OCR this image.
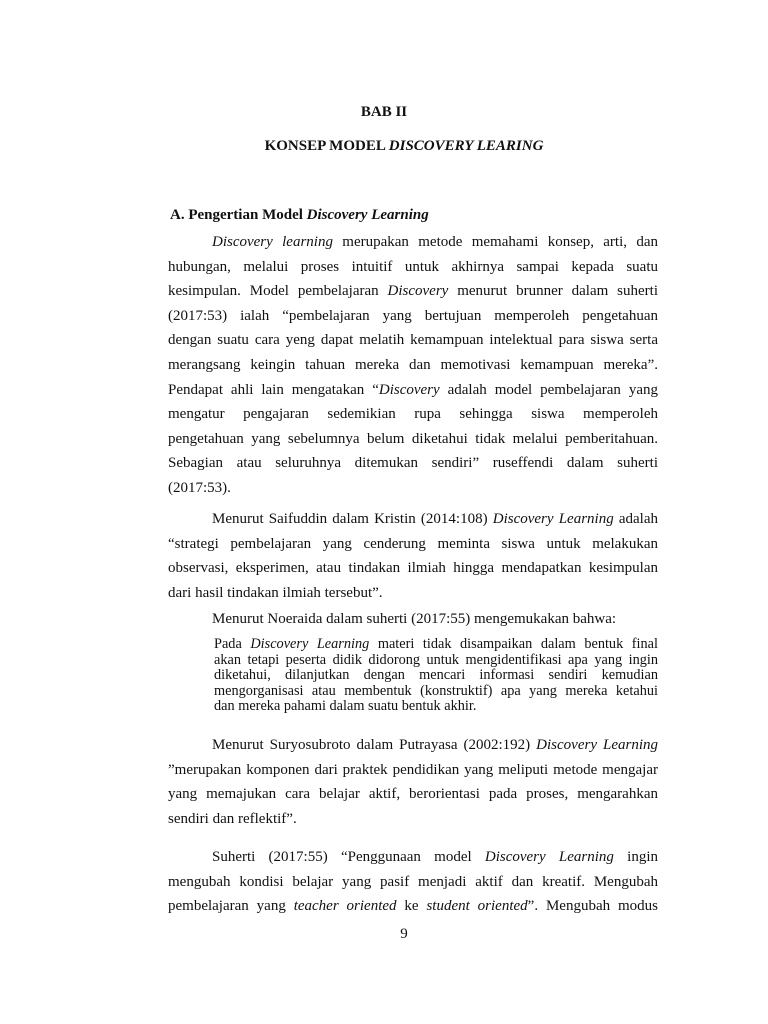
BAB II
KONSEP MODEL DISCOVERY LEARING
A. Pengertian Model Discovery Learning
Discovery learning merupakan metode memahami konsep, arti, dan
hubungan, melalui proses intuitif untuk akhirnya sampai kepada suatu
kesimpulan. Model pembelajaran Discovery menurut brunner dalam suherti
(2017:53) ialah “pembelajaran yang bertujuan memperoleh pengetahuan
dengan suatu cara yeng dapat melatih kemampuan intelektual para siswa serta
merangsang keingin tahuan mereka dan memotivasi kemampuan mereka”.
Pendapat ahli lain mengatakan “Discovery adalah model pembelajaran yang
mengatur pengajaran sedemikian rupa sehingga siswa memperoleh
pengetahuan yang sebelumnya belum diketahui tidak melalui pemberitahuan.
Sebagian atau seluruhnya ditemukan sendiri” ruseffendi dalam suherti
(2017:53).
Menurut Saifuddin dalam Kristin (2014:108) Discovery Learning adalah
“strategi pembelajaran yang cenderung meminta siswa untuk melakukan
observasi, eksperimen, atau tindakan ilmiah hingga mendapatkan kesimpulan
dari hasil tindakan ilmiah tersebut”.
Menurut Noeraida dalam suherti (2017:55) mengemukakan bahwa:
Pada Discovery Learning materi tidak disampaikan dalam bentuk final
akan tetapi peserta didik didorong untuk mengidentifikasi apa yang ingin
diketahui, dilanjutkan dengan mencari informasi sendiri kemudian
mengorganisasi atau membentuk (konstruktif) apa yang mereka ketahui
dan mereka pahami dalam suatu bentuk akhir.
Menurut Suryosubroto dalam Putrayasa (2002:192) Discovery Learning
”merupakan komponen dari praktek pendidikan yang meliputi metode mengajar
yang memajukan cara belajar aktif, berorientasi pada proses, mengarahkan
sendiri dan reflektif”.
Suherti (2017:55) “Penggunaan model Discovery Learning ingin
mengubah kondisi belajar yang pasif menjadi aktif dan kreatif. Mengubah
pembelajaran yang teacher oriented ke student oriented”. Mengubah modus
9
